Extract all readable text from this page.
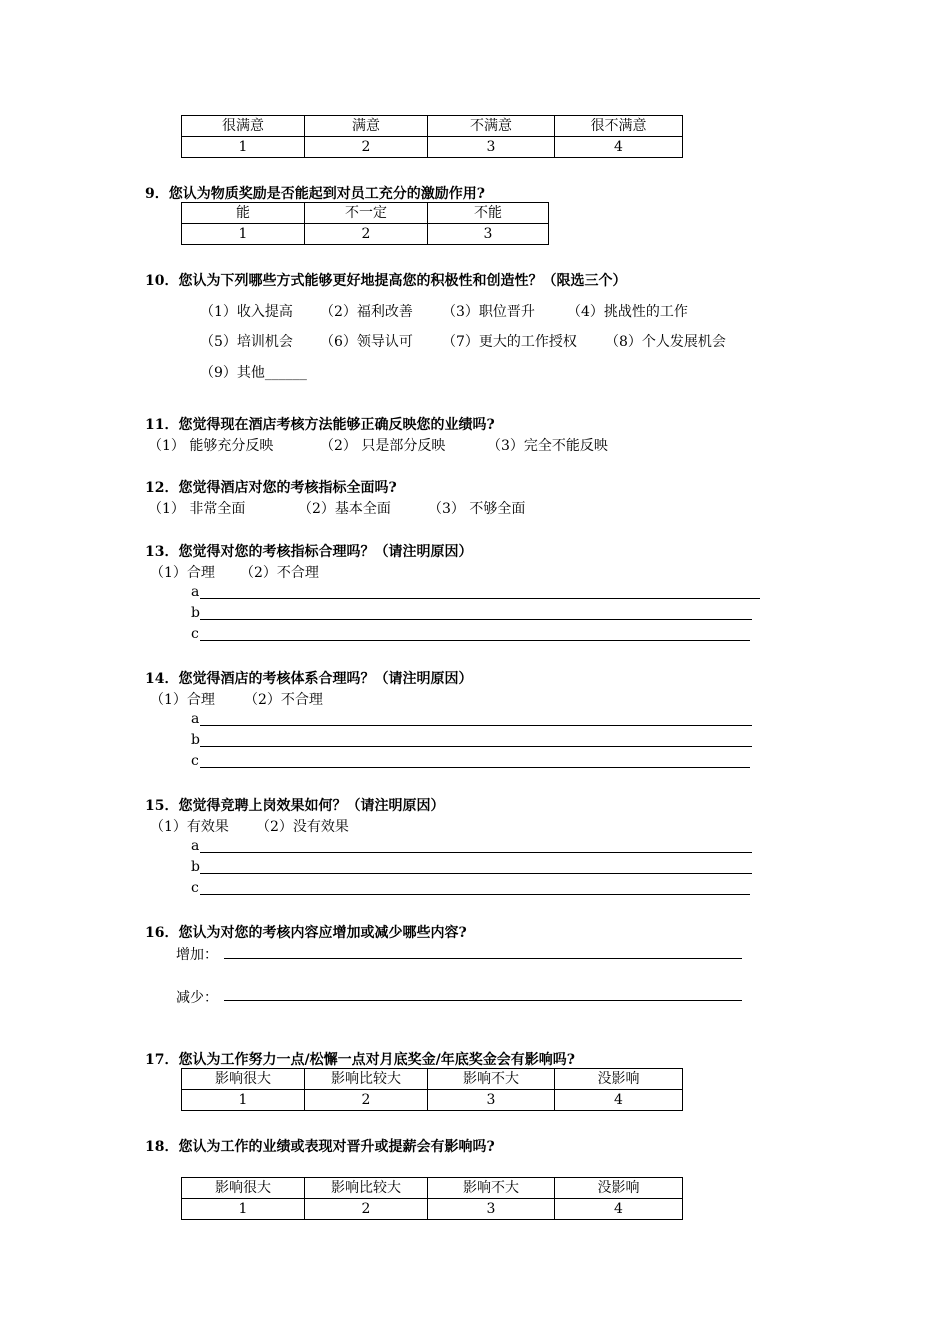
很满意	满意	不满意	很不满意
1	2	3	4
9．您认为物质奖励是否能起到对员工充分的激励作用?
能	不一定	不能
1	2	3
10．您认为下列哪些方式能够更好地提高您的积极性和创造性？（限选三个）
（1）收入提高 （2）福利改善 （3）职位晋升 （4）挑战性的工作
（5）培训机会 （6）领导认可 （7）更大的工作授权 （8）个人发展机会
（9）其他______
11．您觉得现在酒店考核方法能够正确反映您的业绩吗?
（1） 能够充分反映	（2） 只是部分反映	（3）完全不能反映
12．您觉得酒店对您的考核指标全面吗?
（1） 非常全面	（2）基本全面	（3） 不够全面
13．您觉得对您的考核指标合理吗？（请注明原因）
（1）合理 （2）不合理
a
b
c
14．您觉得酒店的考核体系合理吗？（请注明原因）
（1）合理 （2）不合理
a
b
c
15．您觉得竞聘上岗效果如何？（请注明原因）
（1）有效果 （2）没有效果
a
b
c
16．您认为对您的考核内容应增加或减少哪些内容?
增加：
减少：
17．您认为工作努力一点/松懈一点对月底奖金/年底奖金会有影响吗?
影响很大	影响比较大	影响不大	没影响
1	2	3	4
18．您认为工作的业绩或表现对晋升或提薪会有影响吗?
影响很大	影响比较大	影响不大	没影响
1	2	3	4
